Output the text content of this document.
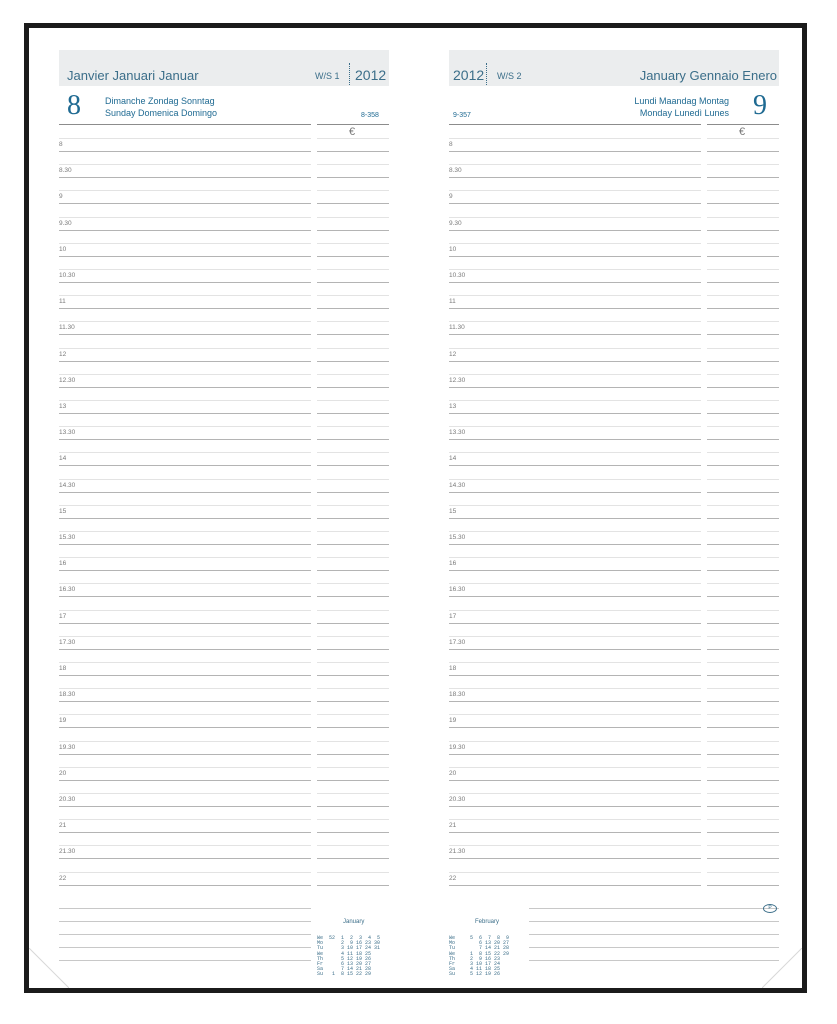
Janvier Januari Januar	W/S 1 2012
8	Dimanche Zondag Sonntag
Sunday Domenica Domingo	8-358
€
8
8.30
9
9.30
10
10.30
11
11.30
12
12.30
13
13.30
14
14.30
15
15.30
16
16.30
17
17.30
18
18.30
19
19.30
20
20.30
21
21.30
22

January

We  52  1  2  3  4  5
Mo      2  9 16 23 30
Tu      3 10 17 24 31
We      4 11 18 25
Th      5 12 19 26
Fr      6 13 20 27
Sa      7 14 21 28
Su   1  8 15 22 29

2012 W/S 2	January Gennaio Enero
9-357
Lundi Maandag Montag
Monday Lunedì Lunes 9
€
8
8.30
9
9.30
10
10.30
11
11.30
12
12.30
13
13.30
14
14.30
15
15.30
16
16.30
17
17.30
18
18.30
19
19.30
20
20.30
21
21.30
22

February

We     5  6  7  8  9
Mo        6 13 20 27
Tu        7 14 21 28
We     1  8 15 22 29
Th     2  9 16 23
Fr     3 10 17 24
Sa     4 11 18 25
Su     5 12 19 26

P
